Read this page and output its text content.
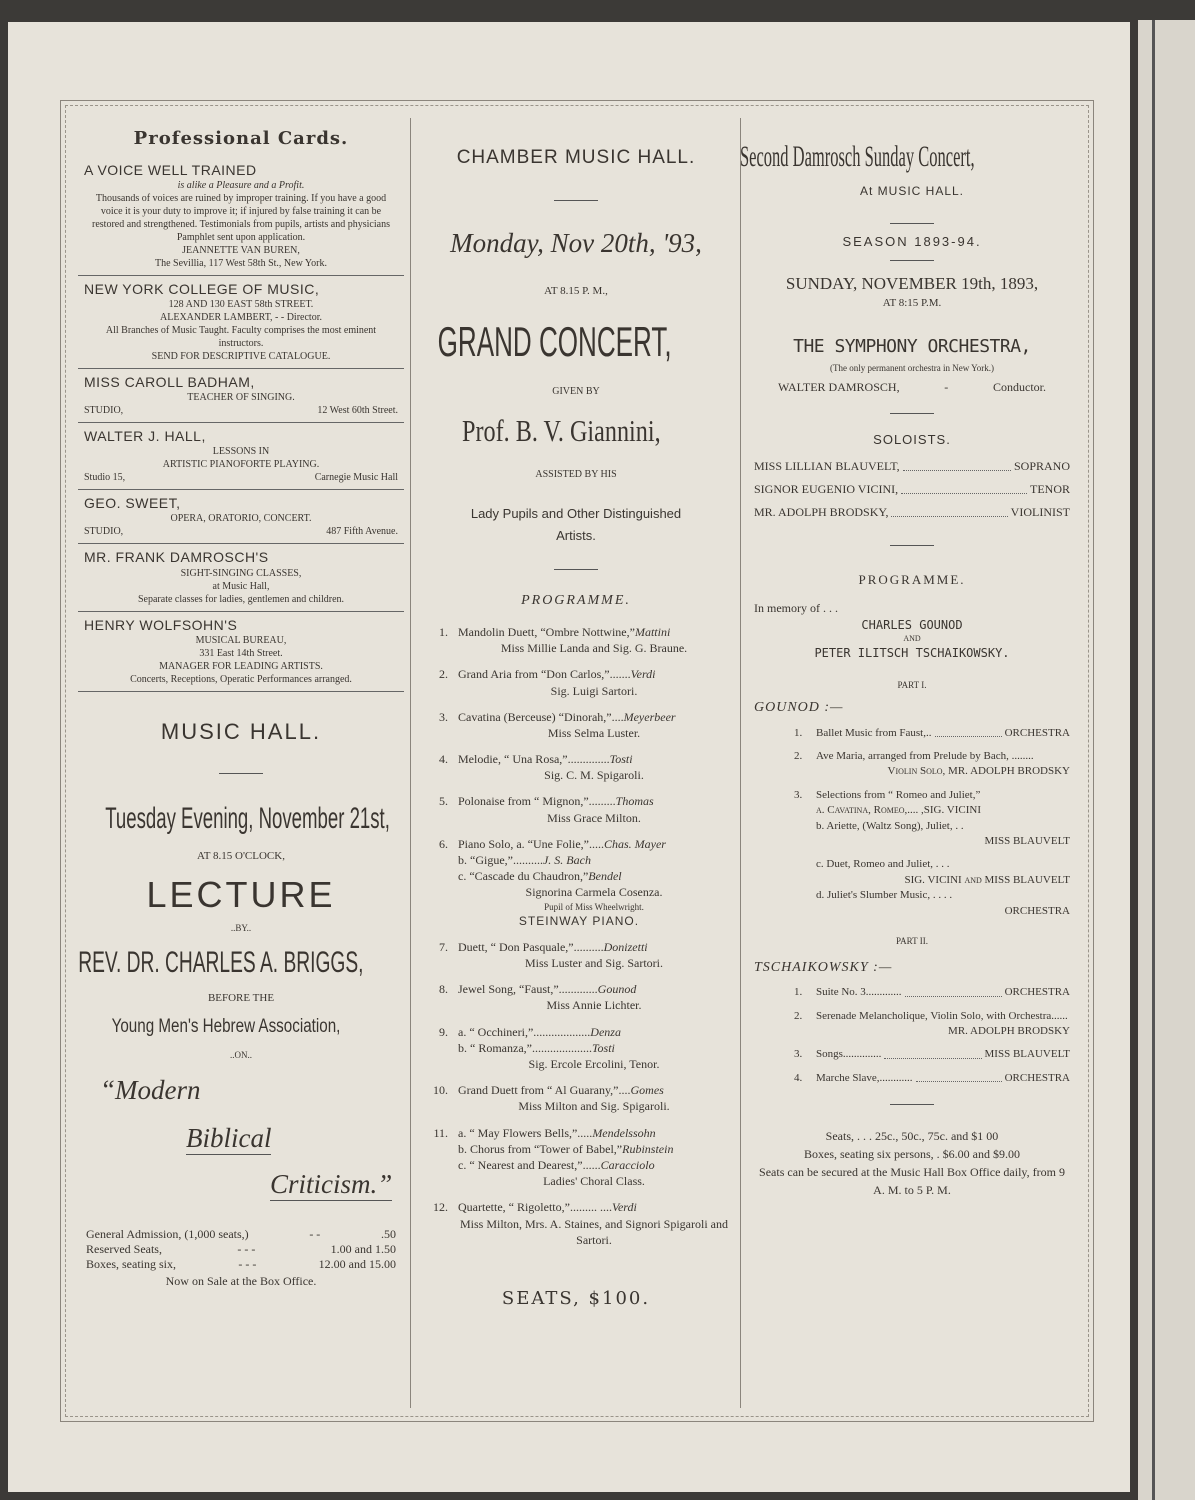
Professional Cards.

A VOICE WELL TRAINED
is alike a Pleasure and a Profit.
Thousands of voices are ruined by improper training. If you have a good voice it is your duty to improve it; if injured by false training it can be restored and strengthened. Testimonials from pupils, artists and physicians Pamphlet sent upon application.
JEANNETTE VAN BUREN,
The Sevillia, 117 West 58th St., New York.
NEW YORK COLLEGE OF MUSIC,
128 AND 130 EAST 58th STREET.
ALEXANDER LAMBERT, - - Director.
All Branches of Music Taught. Faculty comprises the most eminent instructors.
SEND FOR DESCRIPTIVE CATALOGUE.
MISS CAROLL BADHAM,
TEACHER OF SINGING.
STUDIO,	12 West 60th Street.
WALTER J. HALL,
LESSONS IN
ARTISTIC PIANOFORTE PLAYING.
Studio 15,	Carnegie Music Hall
GEO. SWEET,
OPERA, ORATORIO, CONCERT.
STUDIO,	487 Fifth Avenue.
MR. FRANK DAMROSCH'S
SIGHT-SINGING CLASSES,
at Music Hall,
Separate classes for ladies, gentlemen and children.
HENRY WOLFSOHN'S
MUSICAL BUREAU,
331 East 14th Street.
MANAGER FOR LEADING ARTISTS.
Concerts, Receptions, Operatic Performances arranged.

MUSIC HALL.

Tuesday Evening, November 21st,

AT 8.15 O'CLOCK,

LECTURE

..BY..

REV. DR. CHARLES A. BRIGGS,

BEFORE THE

Young Men's Hebrew Association,

..ON..

“Modern
Biblical
Criticism.”
General Admission, (1,000 seats,)	- -	.50
Reserved Seats,	- - -	1.00 and 1.50
Boxes, seating six,	- - -	12.00 and 15.00

Now on Sale at the Box Office.

CHAMBER MUSIC HALL.

Monday, Nov 20th, '93,

AT 8.15 P. M.,

GRAND CONCERT,

GIVEN BY

Prof. B. V. Giannini,

ASSISTED BY HIS

Lady Pupils and Other Distinguished Artists.

PROGRAMME.

1. Mandolin Duett, “Ombre Nottwine,”Mattini
Miss Millie Landa and Sig. G. Braune.
2. Grand Aria from “Don Carlos,”.......Verdi
Sig. Luigi Sartori.
3. Cavatina (Berceuse) “Dinorah,”....Meyerbeer
Miss Selma Luster.
4. Melodie, “ Una Rosa,”..............Tosti
Sig. C. M. Spigaroli.
5. Polonaise from “ Mignon,”.........Thomas
Miss Grace Milton.
6. Piano Solo, a. “Une Folie,”.....Chas. Mayer
b. “Gigue,”..........J. S. Bach
c. “Cascade du Chaudron,”Bendel
Signorina Carmela Cosenza.
Pupil of Miss Wheelwright.
STEINWAY PIANO.
7. Duett, “ Don Pasquale,”..........Donizetti
Miss Luster and Sig. Sartori.
8. Jewel Song, “Faust,”.............Gounod
Miss Annie Lichter.
9. a. “ Occhineri,”...................Denza
b. “ Romanza,”....................Tosti
Sig. Ercole Ercolini, Tenor.
10. Grand Duett from “ Al Guarany,”....Gomes
Miss Milton and Sig. Spigaroli.
11. a. “ May Flowers Bells,”.....Mendelssohn
b. Chorus from “Tower of Babel,”Rubinstein
c. “ Nearest and Dearest,”......Caracciolo
Ladies' Choral Class.
12. Quartette, “ Rigoletto,”......... ....Verdi
Miss Milton, Mrs. A. Staines, and Signori Spigaroli and Sartori.

SEATS, $100.

Second Damrosch Sunday Concert,

At MUSIC HALL.

SEASON 1893-94.

SUNDAY, NOVEMBER 19th, 1893,

AT 8:15 P.M.

THE SYMPHONY ORCHESTRA,

(The only permanent orchestra in New York.)

WALTER DAMROSCH,	-	Conductor.

SOLOISTS.

MISS LILLIAN BLAUVELT,	SOPRANO
SIGNOR EUGENIO VICINI,	TENOR
MR. ADOLPH BRODSKY,	VIOLINIST

PROGRAMME.

In memory of . . .
CHARLES GOUNOD
AND
PETER ILITSCH TSCHAIKOWSKY.
PART I.
GOUNOD :—
1.	Ballet Music from Faust,..	ORCHESTRA
2.	Ave Maria, arranged from Prelude by Bach, ........
Violin Solo, MR. ADOLPH BRODSKY
3.	Selections from “ Romeo and Juliet,”
a. Cavatina, Romeo,.... ,SIG. VICINI
b. Ariette, (Waltz Song), Juliet, . .
MISS BLAUVELT
c. Duet, Romeo and Juliet, . . .
SIG. VICINI and MISS BLAUVELT
d. Juliet's Slumber Music, . . . .
ORCHESTRA
PART II.
TSCHAIKOWSKY :—
1.	Suite No. 3.............	ORCHESTRA
2.	Serenade Melancholique, Violin Solo, with Orchestra......
MR. ADOLPH BRODSKY
3.	Songs..............	MISS BLAUVELT
4.	Marche Slave,............	ORCHESTRA
Seats, . . . 25c., 50c., 75c. and $1 00
Boxes, seating six persons, . $6.00 and $9.00
Seats can be secured at the Music Hall Box Office daily, from 9 A. M. to 5 P. M.
